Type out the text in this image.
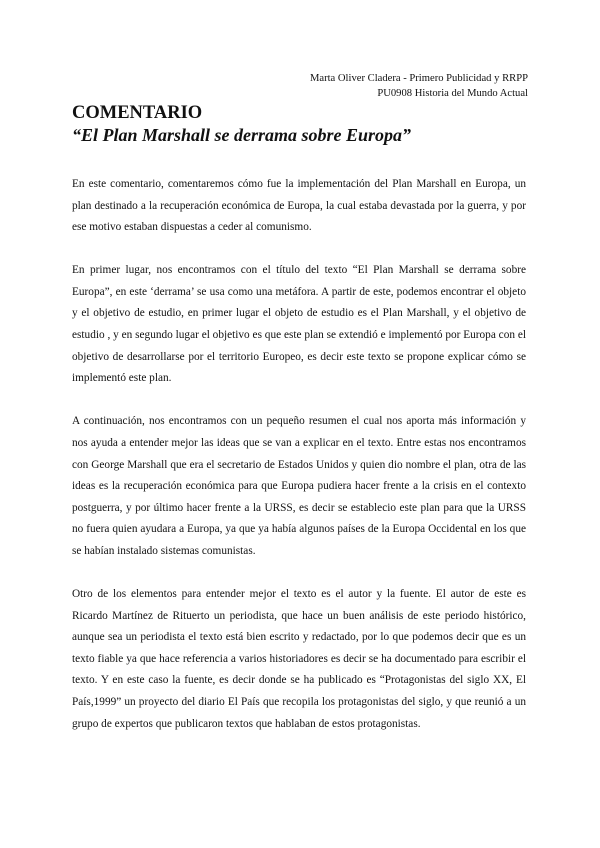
Marta Oliver Cladera - Primero Publicidad y RRPP
PU0908 Historia del Mundo Actual
COMENTARIO
“El Plan Marshall se derrama sobre Europa”

En este comentario, comentaremos cómo fue la implementación del Plan Marshall en Europa, un plan destinado a la recuperación económica de Europa, la cual estaba devastada por la guerra, y por ese motivo estaban dispuestas a ceder al comunismo.

En primer lugar, nos encontramos con el título del texto “El Plan Marshall se derrama sobre Europa”, en este ‘derrama’ se usa como una metáfora. A partir de este, podemos encontrar el objeto y el objetivo de estudio, en primer lugar el objeto de estudio es el Plan Marshall, y el objetivo de estudio , y en segundo lugar el objetivo es que este plan se extendió e implementó por Europa con el objetivo de desarrollarse por el territorio Europeo, es decir este texto se propone explicar cómo se implementó este plan.

A continuación, nos encontramos con un pequeño resumen el cual nos aporta más información y nos ayuda a entender mejor las ideas que se van a explicar en el texto. Entre estas nos encontramos con George Marshall que era el secretario de Estados Unidos y quien dio nombre el plan, otra de las ideas es la recuperación económica para que Europa pudiera hacer frente a la crisis en el contexto postguerra, y por último hacer frente a la URSS, es decir se establecio este plan para que la URSS no fuera quien ayudara a Europa, ya que ya había algunos países de la Europa Occidental en los que se habían instalado sistemas comunistas.

Otro de los elementos para entender mejor el texto es el autor y la fuente. El autor de este es Ricardo Martínez de Rituerto un periodista, que hace un buen análisis de este periodo histórico, aunque sea un periodista el texto está bien escrito y redactado, por lo que podemos decir que es un texto fiable ya que hace referencia a varios historiadores es decir se ha documentado para escribir el texto. Y en este caso la fuente, es decir donde se ha publicado es “Protagonistas del siglo XX, El País,1999” un proyecto del diario El País que recopila los protagonistas del siglo, y que reunió a un grupo de expertos que publicaron textos que hablaban de estos protagonistas.
